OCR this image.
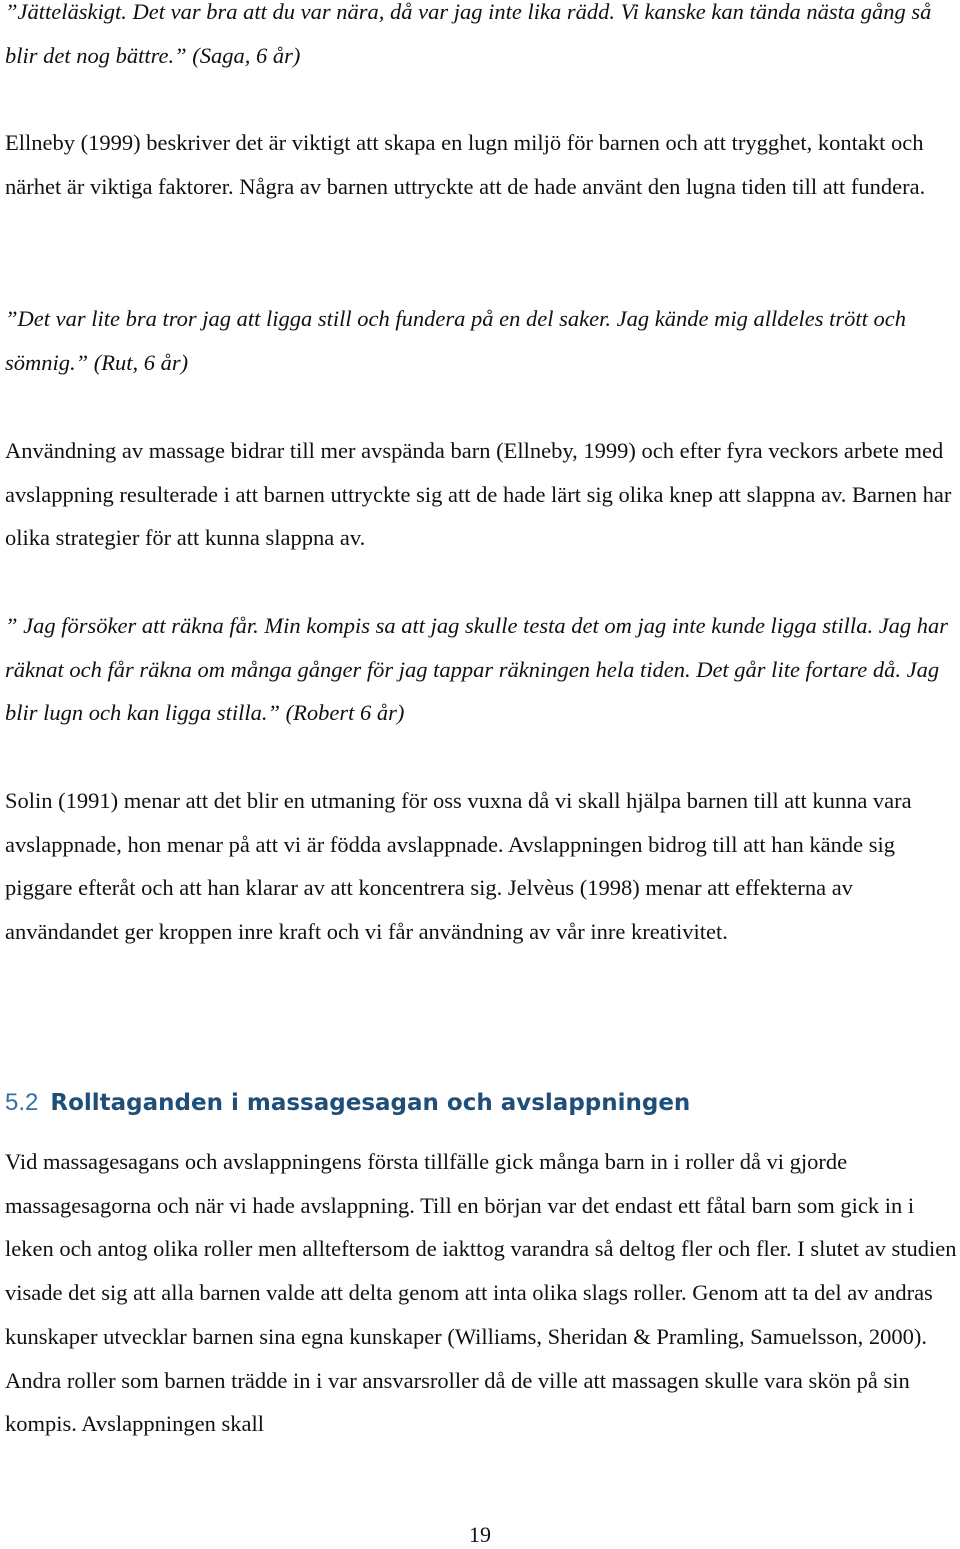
”Jätteläskigt. Det var bra att du var nära, då var jag inte lika rädd. Vi kanske kan tända nästa gång så blir det nog bättre.” (Saga, 6 år)

Ellneby (1999) beskriver det är viktigt att skapa en lugn miljö för barnen och att trygghet, kontakt och närhet är viktiga faktorer. Några av barnen uttryckte att de hade använt den lugna tiden till att fundera.

”Det var lite bra tror jag att ligga still och fundera på en del saker. Jag kände mig alldeles trött och sömnig.” (Rut, 6 år)

Användning av massage bidrar till mer avspända barn (Ellneby, 1999) och efter fyra veckors arbete med avslappning resulterade i att barnen uttryckte sig att de hade lärt sig olika knep att slappna av. Barnen har olika strategier för att kunna slappna av.

” Jag försöker att räkna får. Min kompis sa att jag skulle testa det om jag inte kunde ligga stilla. Jag har räknat och får räkna om många gånger för jag tappar räkningen hela tiden. Det går lite fortare då. Jag blir lugn och kan ligga stilla.” (Robert 6 år)

Solin (1991) menar att det blir en utmaning för oss vuxna då vi skall hjälpa barnen till att kunna vara avslappnade, hon menar på att vi är födda avslappnade. Avslappningen bidrog till att han kände sig piggare efteråt och att han klarar av att koncentrera sig. Jelvèus (1998) menar att effekterna av användandet ger kroppen inre kraft och vi får användning av vår inre kreativitet.

5.2 Rolltaganden i massagesagan och avslappningen

Vid massagesagans och avslappningens första tillfälle gick många barn in i roller då vi gjorde massagesagorna och när vi hade avslappning. Till en början var det endast ett fåtal barn som gick in i leken och antog olika roller men allteftersom de iakttog varandra så deltog fler och fler. I slutet av studien visade det sig att alla barnen valde att delta genom att inta olika slags roller. Genom att ta del av andras kunskaper utvecklar barnen sina egna kunskaper (Williams, Sheridan & Pramling, Samuelsson, 2000). Andra roller som barnen trädde in i var ansvarsroller då de ville att massagen skulle vara skön på sin kompis. Avslappningen skall

19
